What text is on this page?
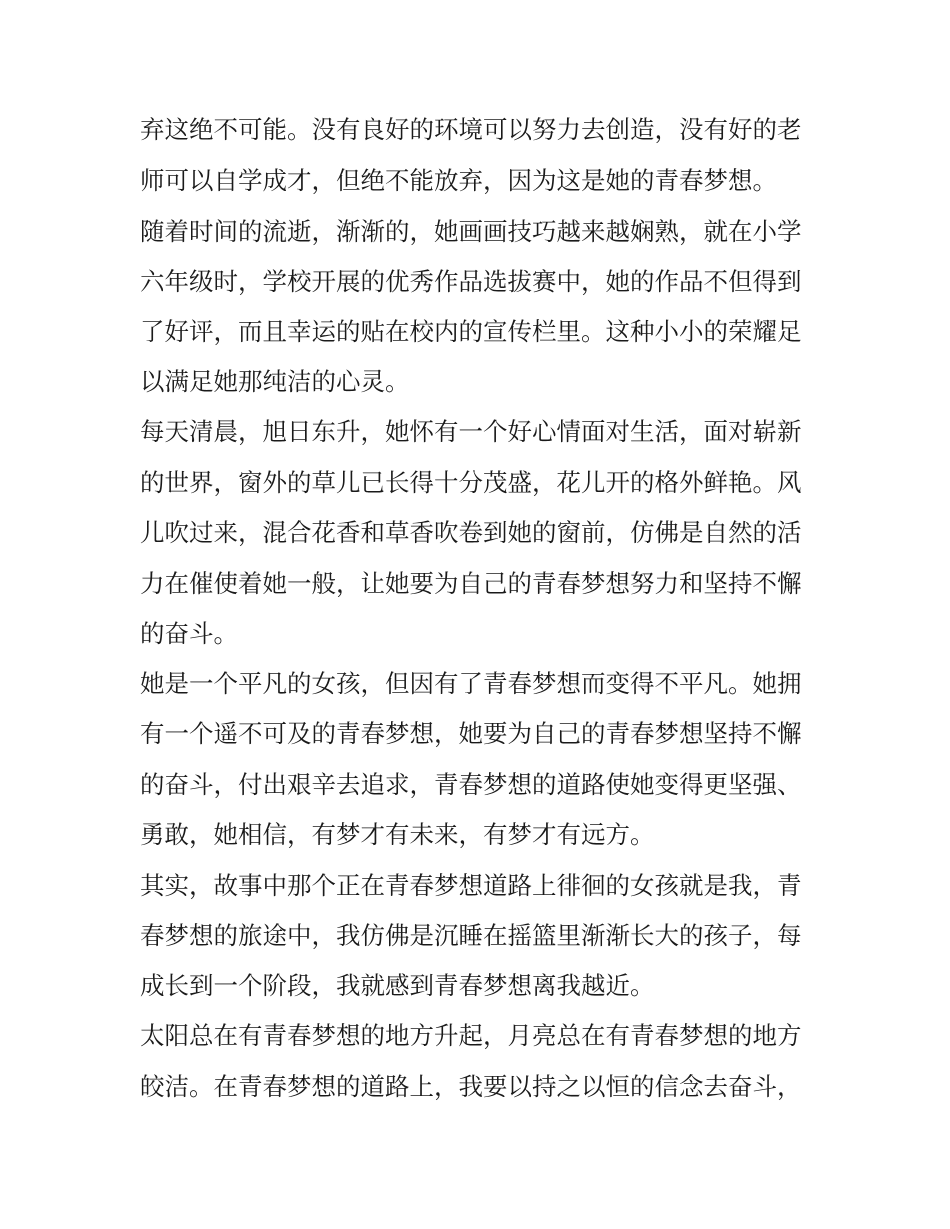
弃这绝不可能。没有良好的环境可以努力去创造，没有好的老
师可以自学成才，但绝不能放弃，因为这是她的青春梦想。
随着时间的流逝，渐渐的，她画画技巧越来越娴熟，就在小学
六年级时，学校开展的优秀作品选拔赛中，她的作品不但得到
了好评，而且幸运的贴在校内的宣传栏里。这种小小的荣耀足
以满足她那纯洁的心灵。
每天清晨，旭日东升，她怀有一个好心情面对生活，面对崭新
的世界，窗外的草儿已长得十分茂盛，花儿开的格外鲜艳。风
儿吹过来，混合花香和草香吹卷到她的窗前，仿佛是自然的活
力在催使着她一般，让她要为自己的青春梦想努力和坚持不懈
的奋斗。
她是一个平凡的女孩，但因有了青春梦想而变得不平凡。她拥
有一个遥不可及的青春梦想，她要为自己的青春梦想坚持不懈
的奋斗，付出艰辛去追求，青春梦想的道路使她变得更坚强、
勇敢，她相信，有梦才有未来，有梦才有远方。
其实，故事中那个正在青春梦想道路上徘徊的女孩就是我，青
春梦想的旅途中，我仿佛是沉睡在摇篮里渐渐长大的孩子，每
成长到一个阶段，我就感到青春梦想离我越近。
太阳总在有青春梦想的地方升起，月亮总在有青春梦想的地方
皎洁。在青春梦想的道路上，我要以持之以恒的信念去奋斗，
